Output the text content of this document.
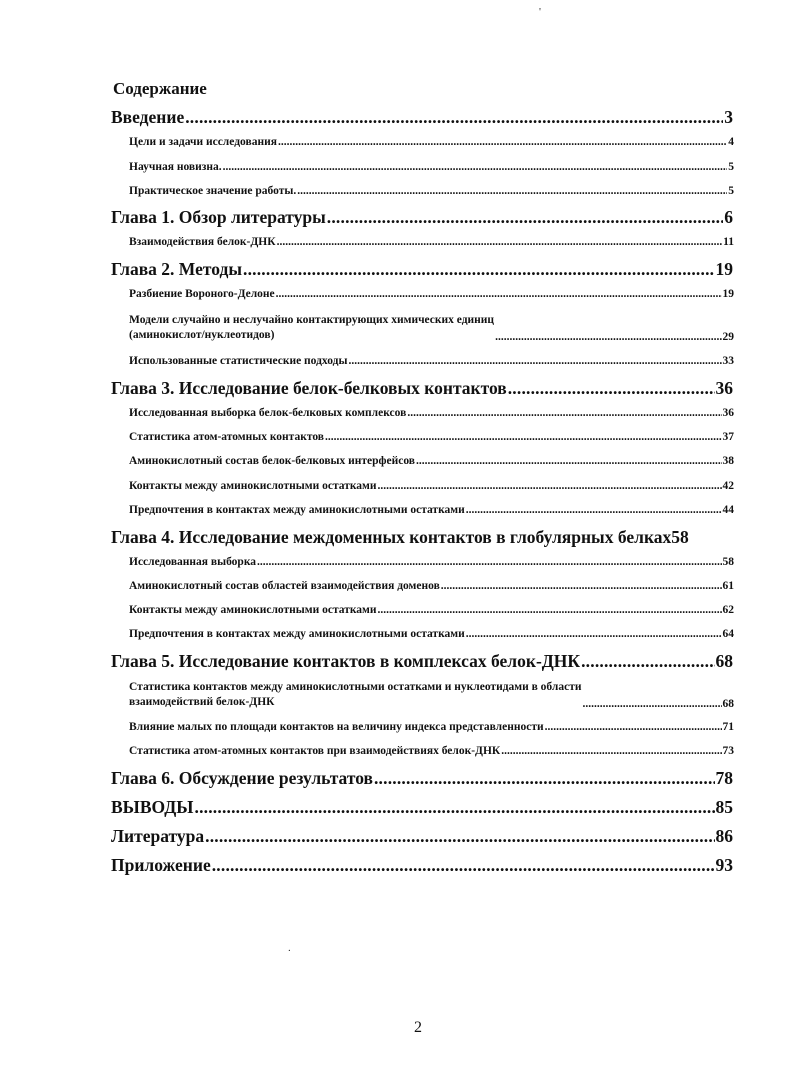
'
Содержание
Введение .....	3
Цели и задачи исследования .....	4
Научная новизна. .....	5
Практическое значение работы. .....	5
Глава 1. Обзор литературы .....	6
Взаимодействия белок-ДНК .....	11
Глава 2. Методы .....	19
Разбиение Вороного-Делоне .....	19
Модели случайно и неслучайно контактирующих химических единиц
(аминокислот/нуклеотидов) .....	29
Использованные статистические подходы .....	33
Глава 3. Исследование белок-белковых контактов .....	36
Исследованная выборка белок-белковых комплексов .....	36
Статистика атом-атомных контактов .....	37
Аминокислотный состав белок-белковых интерфейсов .....	38
Контакты между аминокислотными остатками .....	42
Предпочтения в контактах между аминокислотными остатками .....	44
Глава 4. Исследование междоменных контактов в глобулярных белках 58
Исследованная выборка .....	58
Аминокислотный состав областей взаимодействия доменов .....	61
Контакты между аминокислотными остатками .....	62
Предпочтения в контактах между аминокислотными остатками .....	64
Глава 5. Исследование контактов в комплексах белок-ДНК .....	68
Статистика контактов между аминокислотными остатками и нуклеотидами в области
взаимодействий белок-ДНК .....	68
Влияние малых по площади контактов на величину индекса представленности .....	71
Статистика атом-атомных контактов при взаимодействиях белок-ДНК .....	73
Глава 6. Обсуждение результатов .....	78
ВЫВОДЫ .....	85
Литература .....	86
Приложение .....	93
.
2
